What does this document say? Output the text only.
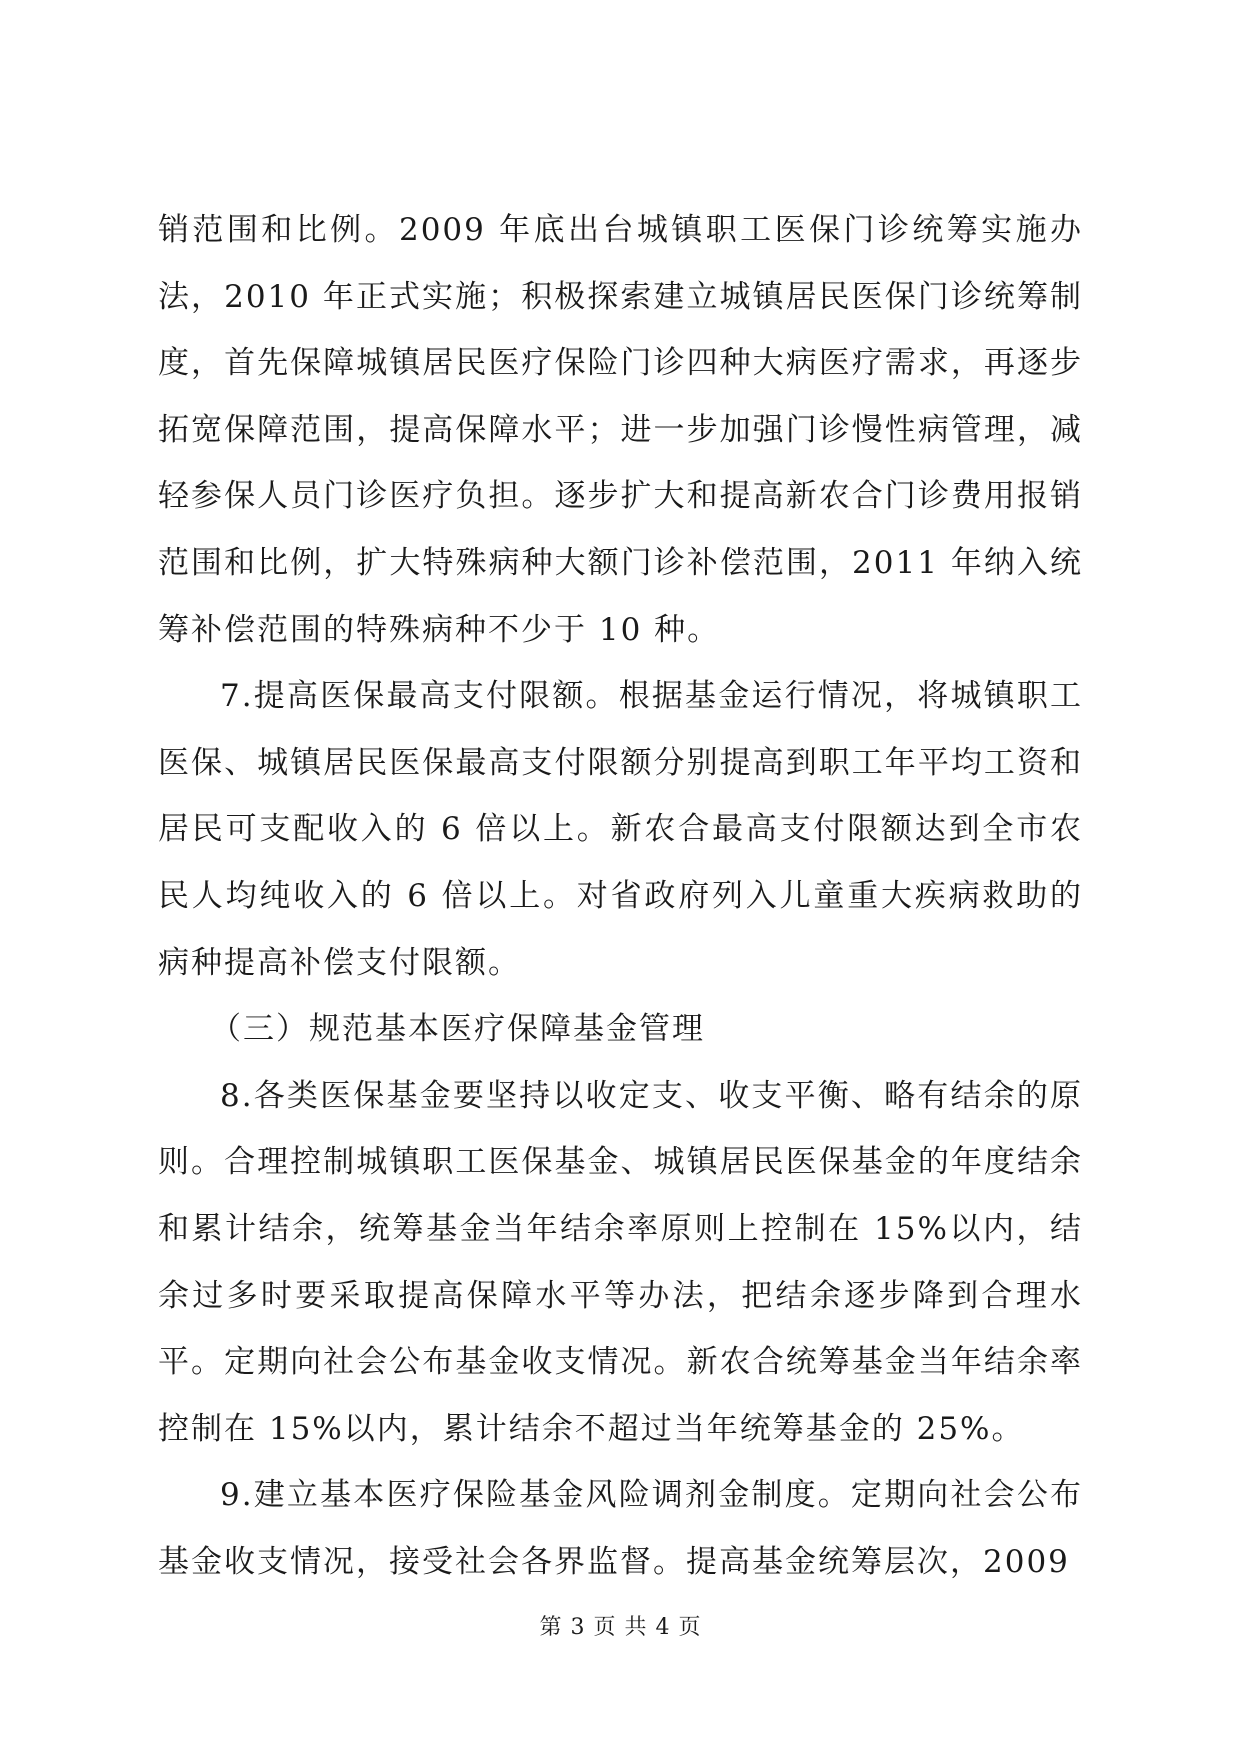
销范围和比例。2009 年底出台城镇职工医保门诊统筹实施办法，2010 年正式实施；积极探索建立城镇居民医保门诊统筹制度，首先保障城镇居民医疗保险门诊四种大病医疗需求，再逐步拓宽保障范围，提高保障水平；进一步加强门诊慢性病管理，减轻参保人员门诊医疗负担。逐步扩大和提高新农合门诊费用报销范围和比例，扩大特殊病种大额门诊补偿范围，2011 年纳入统筹补偿范围的特殊病种不少于 10 种。

7.提高医保最高支付限额。根据基金运行情况，将城镇职工医保、城镇居民医保最高支付限额分别提高到职工年平均工资和居民可支配收入的 6 倍以上。新农合最高支付限额达到全市农民人均纯收入的 6 倍以上。对省政府列入儿童重大疾病救助的病种提高补偿支付限额。

（三）规范基本医疗保障基金管理

8.各类医保基金要坚持以收定支、收支平衡、略有结余的原则。合理控制城镇职工医保基金、城镇居民医保基金的年度结余和累计结余，统筹基金当年结余率原则上控制在 15%以内，结余过多时要采取提高保障水平等办法，把结余逐步降到合理水平。定期向社会公布基金收支情况。新农合统筹基金当年结余率控制在 15%以内，累计结余不超过当年统筹基金的 25%。

9.建立基本医疗保险基金风险调剂金制度。定期向社会公布基金收支情况，接受社会各界监督。提高基金统筹层次，2009

第 3 页 共 4 页
